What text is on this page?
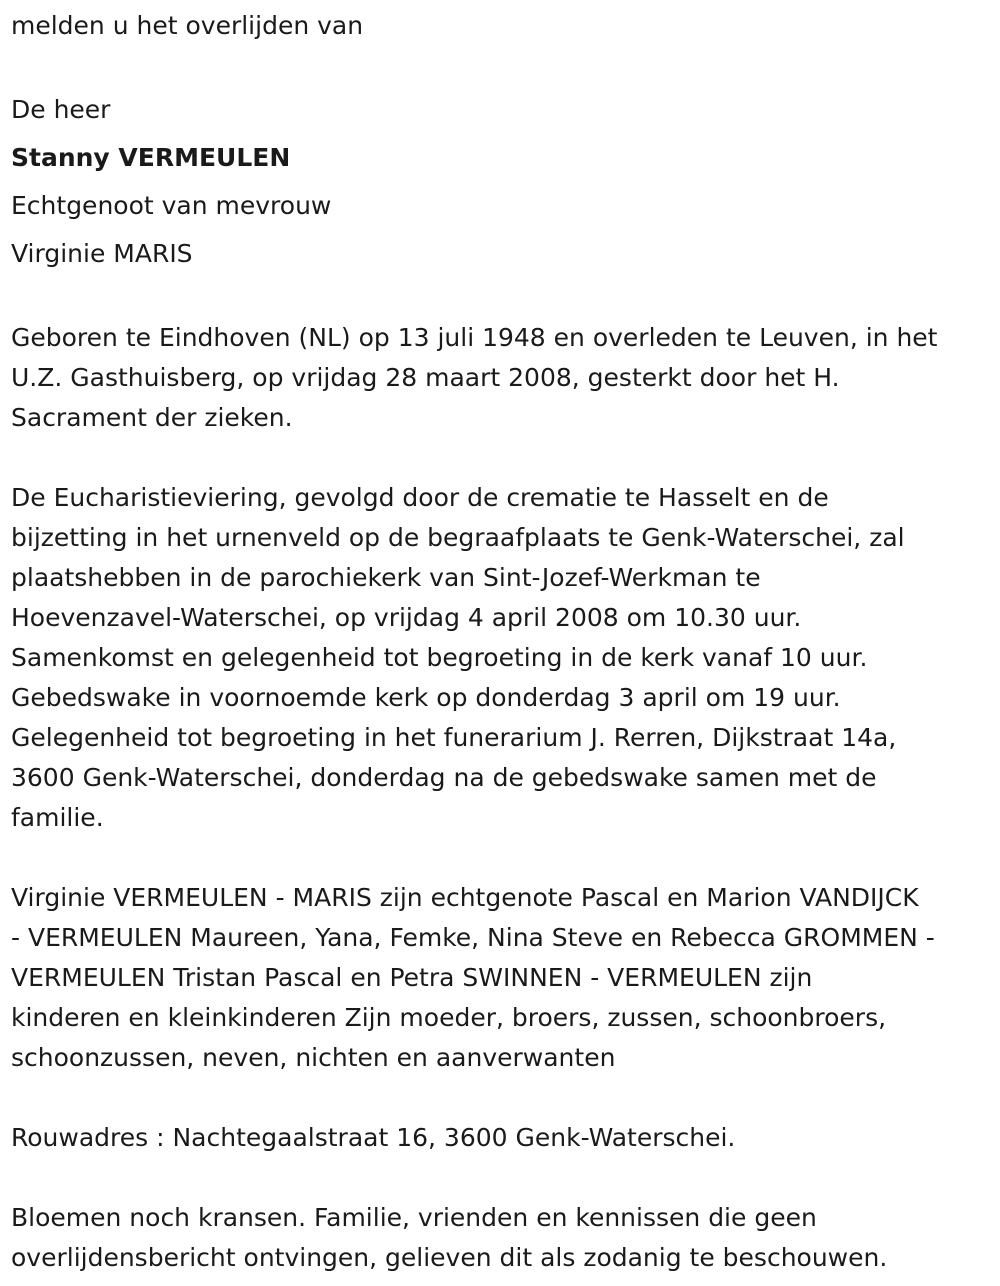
melden u het overlijden van
De heer
Stanny VERMEULEN
Echtgenoot van mevrouw
Virginie MARIS
Geboren te Eindhoven (NL) op 13 juli 1948 en overleden te Leuven, in het
U.Z. Gasthuisberg, op vrijdag 28 maart 2008, gesterkt door het H.
Sacrament der zieken.
De Eucharistieviering, gevolgd door de crematie te Hasselt en de
bijzetting in het urnenveld op de begraafplaats te Genk-Waterschei, zal
plaatshebben in de parochiekerk van Sint-Jozef-Werkman te
Hoevenzavel-Waterschei, op vrijdag 4 april 2008 om 10.30 uur.
Samenkomst en gelegenheid tot begroeting in de kerk vanaf 10 uur.
Gebedswake in voornoemde kerk op donderdag 3 april om 19 uur.
Gelegenheid tot begroeting in het funerarium J. Rerren, Dijkstraat 14a,
3600 Genk-Waterschei, donderdag na de gebedswake samen met de
familie.
Virginie VERMEULEN - MARIS zijn echtgenote Pascal en Marion VANDIJCK
- VERMEULEN Maureen, Yana, Femke, Nina Steve en Rebecca GROMMEN -
VERMEULEN Tristan Pascal en Petra SWINNEN - VERMEULEN zijn
kinderen en kleinkinderen Zijn moeder, broers, zussen, schoonbroers,
schoonzussen, neven, nichten en aanverwanten
Rouwadres : Nachtegaalstraat 16, 3600 Genk-Waterschei.
Bloemen noch kransen. Familie, vrienden en kennissen die geen
overlijdensbericht ontvingen, gelieven dit als zodanig te beschouwen.
